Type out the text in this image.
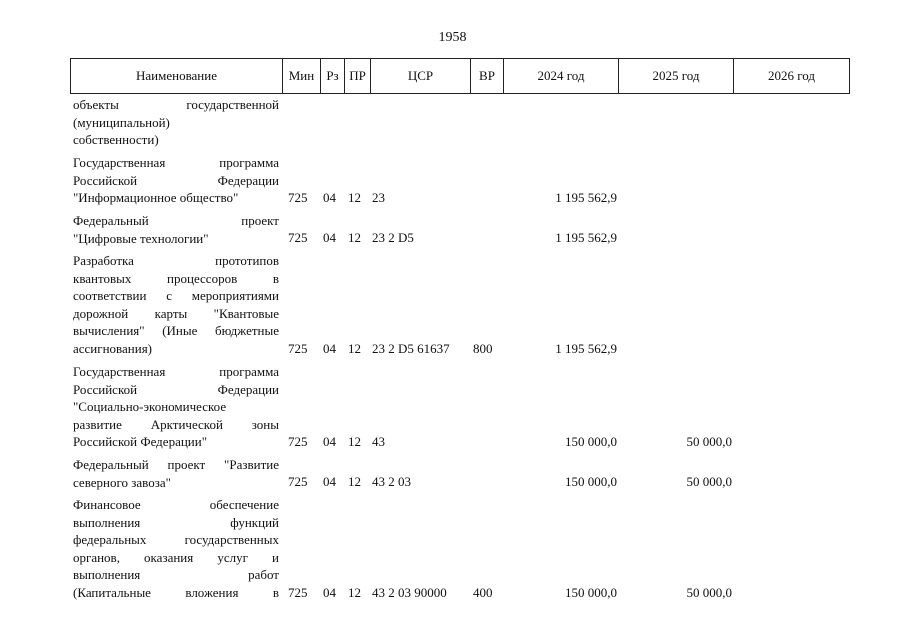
1958
Наименование	Мин Рз ПР	ЦСР	ВР	2024 год	2025 год	2026 год
объекты государственной
(муниципальной)
собственности)
Государственная программа
Российской Федерации
"Информационное общество"	725 04 12 23	1 195 562,9
Федеральный проект
"Цифровые технологии"	725 04 12 23 2 D5	1 195 562,9
Разработка прототипов
квантовых процессоров в
соответствии с мероприятиями
дорожной карты "Квантовые
вычисления" (Иные бюджетные
ассигнования)	725 04 12 23 2 D5 61637 800	1 195 562,9
Государственная программа
Российской Федерации
"Социально-экономическое
развитие Арктической зоны
Российской Федерации"	725 04 12 43	150 000,0	50 000,0
Федеральный проект "Развитие
северного завоза"	725 04 12 43 2 03	150 000,0	50 000,0
Финансовое обеспечение
выполнения функций
федеральных государственных
органов, оказания услуг и
выполнения работ
(Капитальные вложения в 725 04 12 43 2 03 90000 400	150 000,0	50 000,0
